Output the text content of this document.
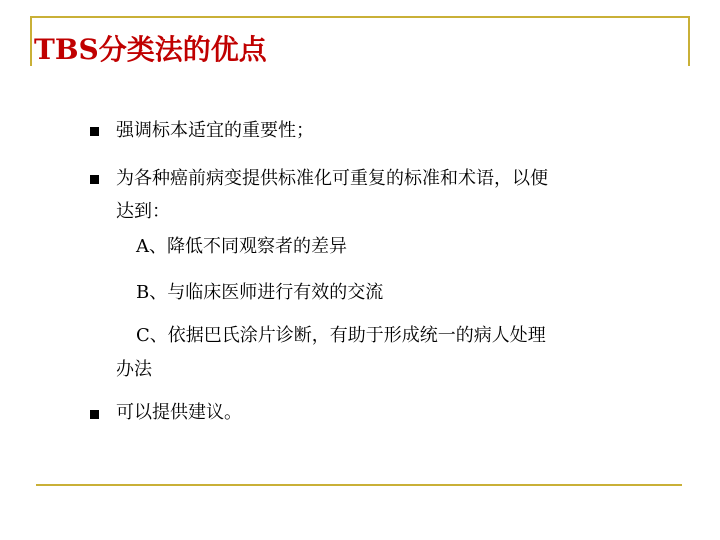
TBS分类法的优点
强调标本适宜的重要性；
为各种癌前病变提供标准化可重复的标准和术语，以便
达到：
A、降低不同观察者的差异
B、与临床医师进行有效的交流
C、依据巴氏涂片诊断，有助于形成统一的病人处理
办法
可以提供建议。
